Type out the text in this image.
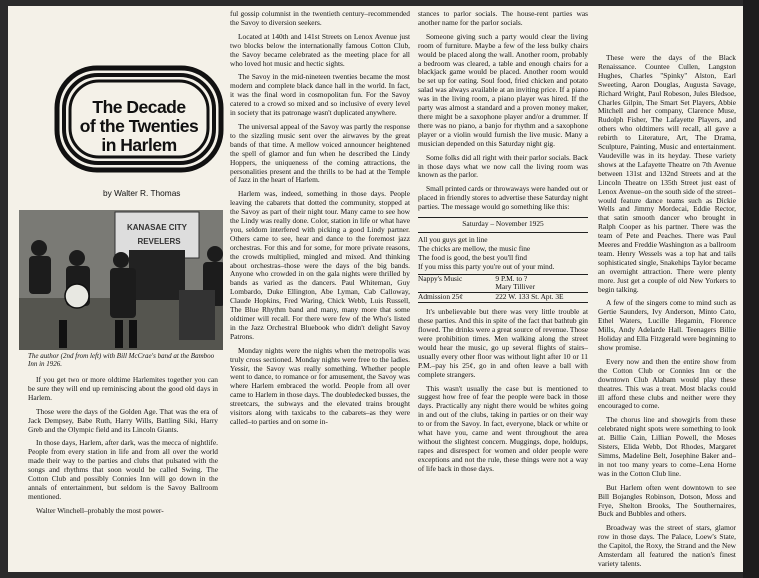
The Decade
of the Twenties
in Harlem
by Walter R. Thomas
KANASAE CITY
REVELERS
The author (2nd from left) with Bill McCrae's band at the Bamboo Inn in 1926.

If you get two or more oldtime Harlemites together you can be sure they will end up reminiscing about the good old days in Harlem.

Those were the days of the Golden Age. That was the era of Jack Dempsey, Babe Ruth, Harry Wills, Battling Siki, Harry Greb and the Olympic field and its Lincoln Giants.

In those days, Harlem, after dark, was the mecca of nightlife. People from every station in life and from all over the world made their way to the parties and clubs that pulsated with the songs and rhythms that soon would be called Swing. The Cotton Club and possibly Connies Inn will go down in the annals of entertainment, but seldom is the Savoy Ballroom mentioned.

Walter Winchell–probably the most power-

ful gossip columnist in the twentieth century–recommended the Savoy to diversion seekers.

Located at 140th and 141st Streets on Lenox Avenue just two blocks below the internationally famous Cotton Club, the Savoy became celebrated as the meeting place for all who loved hot music and hectic sights.

The Savoy in the mid-nineteen twenties became the most modern and complete black dance hall in the world. In fact, it was the final word in cosmopolitan fun. For the Savoy catered to a crowd so mixed and so inclusive of every level in society that its patronage wasn't duplicated anywhere.

The universal appeal of the Savoy was partly the response to the sizzling music sent over the airwaves by the great bands of that time. A mellow voiced announcer heightened the spell of glamor and fun when he described the Lindy Hoppers, the uniqueness of the coming attractions, the personalities present and the thrills to be had at the Temple of Jazz in the heart of Harlem.

Harlem was, indeed, something in those days. People leaving the cabarets that dotted the community, stopped at the Savoy as part of their night tour. Many came to see how the Lindy was really done. Color, station in life or what have you, seldom interfered with picking a good Lindy partner. Others came to see, hear and dance to the foremost jazz orchestras. For this and for some, for more private reasons, the crowds multiplied, mingled and mixed. And thinking about orchestras–those were the days of the big bands. Anyone who crowded in on the gala nights were thrilled by bands as varied as the dancers. Paul Whiteman, Guy Lombardo, Duke Ellington, Abe Lyman, Cab Calloway, Claude Hopkins, Fred Waring, Chick Webb, Luis Russell, The Blue Rhythm band and many, many more that some oldtimer will recall. For there were few of the Who's listed in the Jazz Orchestral Bluebook who didn't delight Savoy Patrons.

Monday nights were the nights when the metropolis was truly cross sectioned. Monday nights were free to the ladies. Yessir, the Savoy was really something. Whether people went to dance, to romance or for amusement, the Savoy was where Harlem embraced the world. People from all over came to Harlem in those days. The doubledecked busses, the streetcars, the subways and the elevated trains brought visitors along with taxicabs to the cabarets–as they were called–to parties and on some in-

stances to parlor socials. The house-rent parties was another name for the parlor socials.

Someone giving such a party would clear the living room of furniture. Maybe a few of the less bulky chairs would be placed along the wall. Another room, probably a bedroom was cleared, a table and enough chairs for a blackjack game would be placed. Another room would be set up for eating. Soul food, fried chicken and potato salad was always available at an inviting price. If a piano was in the living room, a piano player was hired. If the party was almost a standard and a proven money maker, there might be a saxophone player and/or a drummer. If there was no piano, a banjo for rhythm and a saxophone player or a violin would furnish the live music. Many a musician depended on this Saturday night gig.

Some folks did all right with their parlor socials. Back in those days what we now call the living room was known as the parlor.

Small printed cards or throwaways were handed out or placed in friendly stores to advertise these Saturday night parties. The message would go something like this:

Saturday – November 1925
All you guys get in line
The chicks are mellow, the music fine
The food is good, the best you'll find
If you miss this party you're out of your mind.
Nappy's Music	9 P.M. to ?
Mary Tilliver

Admission 25¢	222 W. 133 St. Apt. 3E

It's unbelievable but there was very little trouble at these parties. And this in spite of the fact that bathtub gin flowed. The drinks were a great source of revenue. Those were prohibition times. Men walking along the street would hear the music, go up several flights of stairs–usually every other floor was without light after 10 or 11 P.M.–pay his 25¢, go in and often leave a ball with complete strangers.

This wasn't usually the case but is mentioned to suggest how free of fear the people were back in those days. Practically any night there would be whites going in and out of the clubs, taking in parties or on their way to or from the Savoy. In fact, everyone, black or white or what have you, came and went throughout the area without the slightest concern. Muggings, dope, holdups, rapes and disrespect for women and older people were exceptions and not the rule, these things were not a way of life back in those days.

These were the days of the Black Renaissance. Countee Cullen, Langston Hughes, Charles "Spinky" Alston, Earl Sweeting, Aaron Douglas, Augusta Savage, Richard Wright, Paul Robeson, Jules Bledsoe, Charles Gilpin, The Smart Set Players, Abbie Mitchell and her company, Clarence Muse, Rudolph Fisher, The Lafayette Players, and others who oldtimers will recall, all gave a rebirth to Literature, Art, The Drama, Sculpture, Painting, Music and entertainment. Vaudeville was in its heyday. These variety shows at the Lafayette Theatre on 7th Avenue between 131st and 132nd Streets and at the Lincoln Theatre on 135th Street just east of Lenox Avenue–on the south side of the street–would feature dance teams such as Dickie Wells and Jimmy Mordecai, Eddie Rector, that satin smooth dancer who brought in Ralph Cooper as his partner. There was the team of Pete and Peaches. There was Paul Meeres and Freddie Washington as a ballroom team. Henry Wessels was a top hat and tails sophisticated single, Snakehips Taylor became an overnight attraction. There were plenty more. Just get a couple of old New Yorkers to begin talking.

A few of the singers come to mind such as Gertie Saunders, Ivy Anderson, Minto Cato, Ethel Waters, Lucille Hegamin, Florence Mills, Andy Adelarde Hall. Teenagers Billie Holiday and Ella Fitzgerald were beginning to show promise.

Every now and then the entire show from the Cotton Club or Connies Inn or the downtown Club Alabam would play these theatres. This was a treat. Most blacks could ill afford these clubs and neither were they encouraged to come.

The chorus line and showgirls from these celebrated night spots were something to look at. Billie Cain, Lillian Powell, the Moses Sisters, Elida Webb, Dot Rhodes, Margaret Simms, Madeline Belt, Josephine Baker and–in not too many years to come–Lena Horne was in the Cotton Club line.

But Harlem often went downtown to see Bill Bojangles Robinson, Dotson, Moss and Frye, Shelton Brooks, The Southernaires, Buck and Bubbles and others.

Broadway was the street of stars, glamor row in those days. The Palace, Loew's State, the Capitol, the Roxy, the Strand and the New Amsterdam all featured the nation's finest variety talents.
